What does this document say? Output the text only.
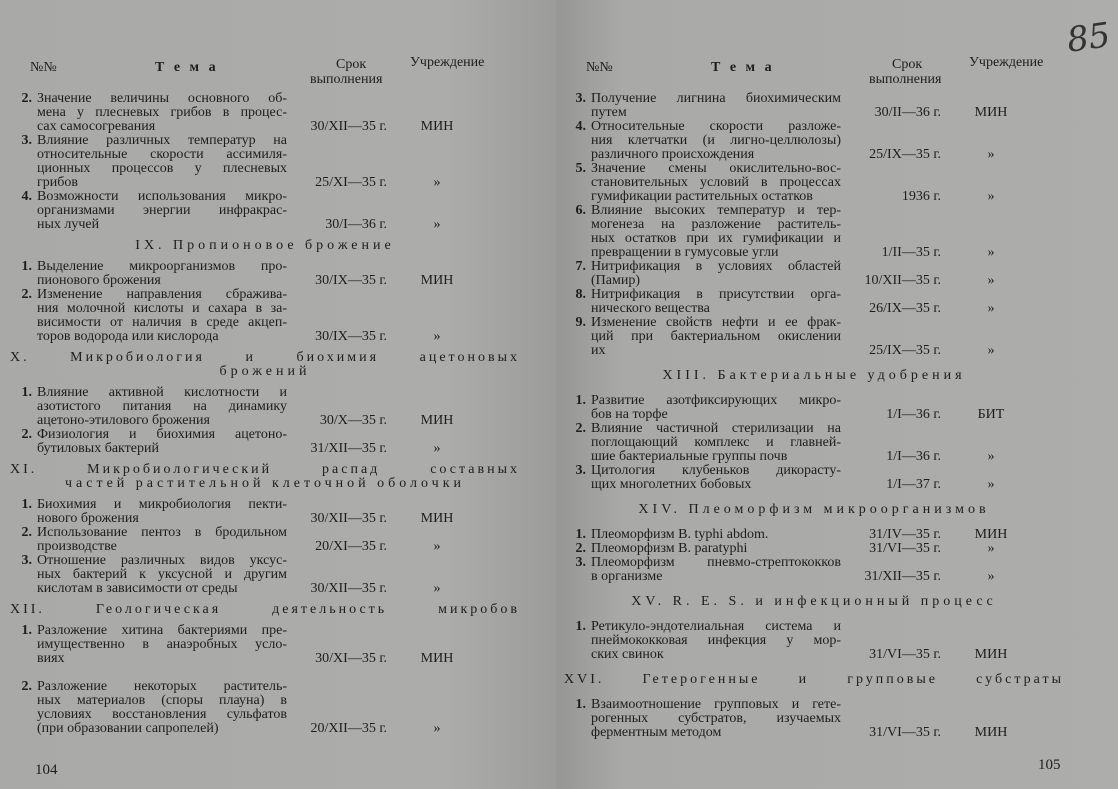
№№	Т е м а	Срок
выполнения
Учреждение
2. Значение величины основного об-
мена у плесневых грибов в процес-
сах самосогревания	30/XII—35 г.	МИН
3. Влияние различных температур на
относительные скорости ассимиля-
ционных процессов у плесневых
грибов	25/XI—35 г.	»
4. Возможности использования микро-
организмами энергии инфракрас-
ных лучей	30/I—36 г.	»
IX. Пропионовое брожение
1. Выделение микроорганизмов про-
пионового брожения	30/IX—35 г.	МИН
2. Изменение направления сбражива-
ния молочной кислоты и сахара в за-
висимости от наличия в среде акцеп-
торов водорода или кислорода	30/IX—35 г.	»
X. Микробиология и биохимия ацетоновых
брожений
1. Влияние активной кислотности и
азотистого питания на динамику
ацетоно-этилового брожения	30/X—35 г.	МИН
2. Физиология и биохимия ацетоно-
бутиловых бактерий	31/XII—35 г.	»
XI. Микробиологический распад составных
частей растительной клеточной оболочки
1. Биохимия и микробиология пекти-
нового брожения	30/XII—35 г.	МИН
2. Использование пентоз в бродильном
производстве	20/XI—35 г.	»
3. Отношение различных видов уксус-
ных бактерий к уксусной и другим
кислотам в зависимости от среды	30/XII—35 г.	»
XII. Геологическая деятельность микробов
1. Разложение хитина бактериями пре-
имущественно в анаэробных усло-
виях
	30/XI—35 г.	МИН
2. Разложение некоторых раститель-
ных материалов (споры плауна) в
условиях восстановления сульфатов
(при образовании сапропелей)	20/XII—35 г.	»
104
№№	Т е м а	Срок
выполнения
Учреждение
3. Получение лигнина биохимическим
путем	30/II—36 г.	МИН
4. Относительные скорости разложе-
ния клетчатки (и лигно-целлюлозы)
различного происхождения	25/IX—35 г.	»
5. Значение смены окислительно-вос-
становительных условий в процессах
гумификации растительных остатков	1936 г.	»
6. Влияние высоких температур и тер-
могенеза на разложение раститель-
ных остатков при их гумификации и
превращении в гумусовые угли	1/II—35 г.	»
7. Нитрификация в условиях областей
(Памир)	10/XII—35 г.	»
8. Нитрификация в присутствии орга-
нического вещества	26/IX—35 г.	»
9. Изменение свойств нефти и ее фрак-
ций при бактериальном окислении
их	25/IX—35 г.	»
XIII. Бактериальные удобрения
1. Развитие азотфиксирующих микро-
бов на торфе	1/I—36 г.	БИТ
2. Влияние частичной стерилизации на
поглощающий комплекс и главней-
шие бактериальные группы почв	1/I—36 г.	»
3. Цитология клубеньков дикорасту-
щих многолетних бобовых	1/I—37 г.	»
XIV. Плеоморфизм микроорганизмов
1. Плеоморфизм B. typhi abdom.	31/IV—35 г.	МИН
2. Плеоморфизм B. paratyphi	31/VI—35 г.	»
3. Плеоморфизм пневмо-стрептококков
в организме	31/XII—35 г.	»
XV. R. E. S. и инфекционный процесс
1. Ретикуло-эндотелиальная система и
пнеймококковая инфекция у мор-
ских свинок	31/VI—35 г.	МИН
XVI. Гетерогенные и групповые субстраты
1. Взаимоотношение групповых и гете-
рогенных субстратов, изучаемых
ферментным методом	31/VI—35 г.	МИН
105
85
